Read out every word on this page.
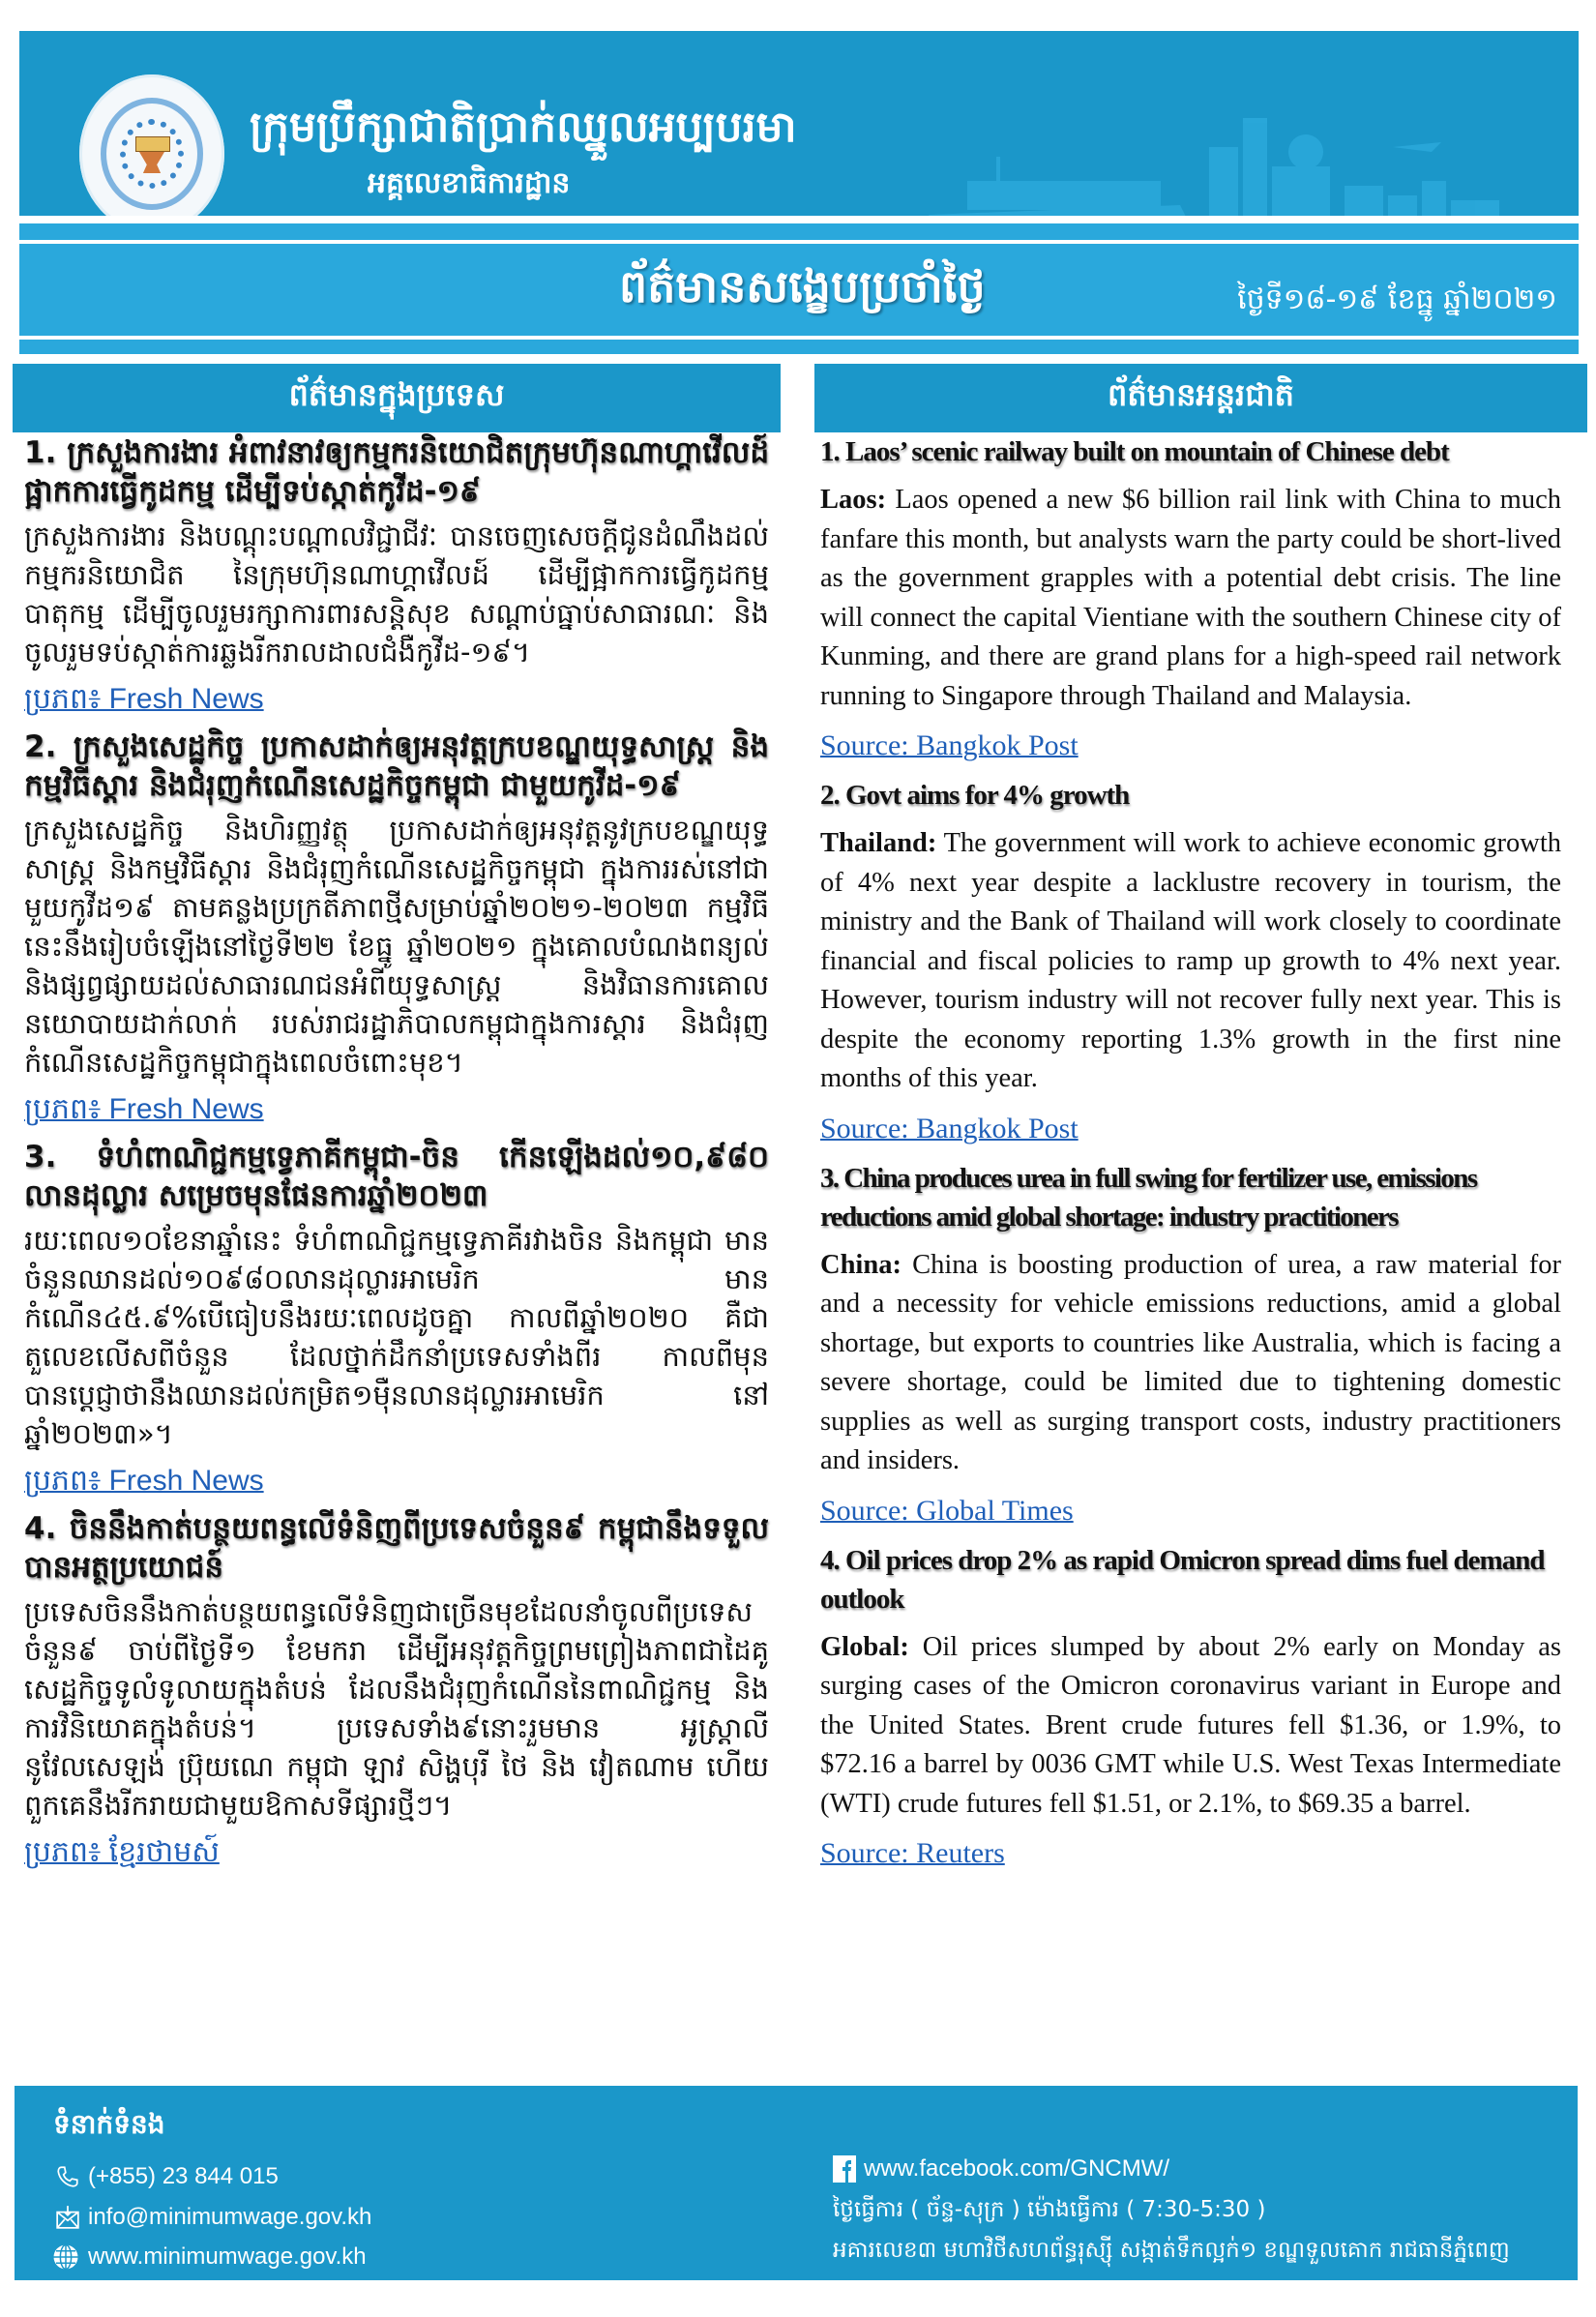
ក្រុមប្រឹក្សាជាតិប្រាក់ឈ្នួលអប្បបរមា
អគ្គលេខាធិការដ្ឋាន
ព័ត៌មានសង្ខេបប្រចាំថ្ងៃ	ថ្ងៃទី១៨-១៩ ខែធ្នូ ឆ្នាំ២០២១
ព័ត៌មានក្នុងប្រទេស	ព័ត៌មានអន្តរជាតិ
1. ក្រសួងការងារ អំពាវនាវឲ្យកម្មករនិយោជិតក្រុមហ៊ុនណាហ្គាវើលដ៍ ផ្អាកការធ្វើកូដកម្ម ដើម្បីទប់ស្កាត់កូវីដ-១៩

ក្រសួងការងារ និងបណ្តុះបណ្តាលវិជ្ជាជីវៈ បានចេញសេចក្តីជូនដំណឹងដល់កម្មករនិយោជិត នៃក្រុមហ៊ុនណាហ្គាវើលដ៍ ដើម្បីផ្អាកការធ្វើកូដកម្ម បាតុកម្ម ដើម្បីចូលរួមរក្សាការពារសន្តិសុខ សណ្តាប់ធ្នាប់សាធារណៈ និងចូលរួមទប់ស្កាត់ការឆ្លងរីករាលដាលជំងឺកូវីដ-១៩។

ប្រភព៖ Fresh News
2. ក្រសួងសេដ្ឋកិច្ច ប្រកាសដាក់ឲ្យអនុវត្តក្របខណ្ឌយុទ្ធសាស្ត្រ និងកម្មវិធីស្តារ និងជំរុញកំណើនសេដ្ឋកិច្ចកម្ពុជា ជាមួយកូវីដ-១៩

ក្រសួងសេដ្ឋកិច្ច និងហិរញ្ញវត្ថុ ប្រកាសដាក់ឲ្យអនុវត្តនូវក្របខណ្ឌយុទ្ធសាស្ត្រ និងកម្មវិធីស្តារ និងជំរុញកំណើនសេដ្ឋកិច្ចកម្ពុជា ក្នុងការរស់នៅជាមួយកូវីដ១៩ តាមគន្លងប្រក្រតីភាពថ្មីសម្រាប់ឆ្នាំ២០២១-២០២៣ កម្មវិធីនេះនឹងរៀបចំឡើងនៅថ្ងៃទី២២ ខែធ្នូ ឆ្នាំ២០២១ ក្នុងគោលបំណងពន្យល់ និងផ្សព្វផ្សាយដល់សាធារណជនអំពីយុទ្ធសាស្ត្រ និងវិធានការគោលនយោបាយដាក់លាក់ របស់រាជរដ្ឋាភិបាលកម្ពុជាក្នុងការស្តារ និងជំរុញកំណើនសេដ្ឋកិច្ចកម្ពុជាក្នុងពេលចំពោះមុខ។

ប្រភព៖ Fresh News
3. ទំហំពាណិជ្ជកម្មទ្វេភាគីកម្ពុជា-ចិន កើនឡើងដល់១០,៩៨០ លានដុល្លារ សម្រេចមុនផែនការឆ្នាំ២០២៣

រយៈពេល១០ខែនាឆ្នាំនេះ ទំហំពាណិជ្ជកម្មទ្វេភាគីរវាងចិន និងកម្ពុជា មានចំនួនឈានដល់១០៩៨០លានដុល្លារអាមេរិក មានកំណើន៤៥.៩%បើធៀបនឹងរយៈពេលដូចគ្នា កាលពីឆ្នាំ២០២០ គឺជាតួលេខលើសពីចំនួន ដែលថ្នាក់ដឹកនាំប្រទេសទាំងពីរ កាលពីមុនបានប្តេជ្ញាថានឹងឈានដល់កម្រិត១ម៉ឺនលានដុល្លារអាមេរិក នៅឆ្នាំ២០២៣»។

ប្រភព៖ Fresh News
4. ចិននឹងកាត់បន្ថយពន្ធលើទំនិញពីប្រទេសចំនួន៩ កម្ពុជានឹងទទួលបានអត្ថប្រយោជន៍

ប្រទេសចិននឹងកាត់បន្ថយពន្ធលើទំនិញជាច្រើនមុខដែលនាំចូលពីប្រទេសចំនួន៩ ចាប់ពីថ្ងៃទី១ ខែមករា ដើម្បីអនុវត្តកិច្ចព្រមព្រៀងភាពជាដៃគូសេដ្ឋកិច្ចទូលំទូលាយក្នុងតំបន់ ដែលនឹងជំរុញកំណើននៃពាណិជ្ជកម្ម និងការវិនិយោគក្នុងតំបន់។ ប្រទេសទាំង៩នោះរួមមាន អូស្ត្រាលី នូវែលសេឡង់ ប៊្រុយណេ កម្ពុជា ឡាវ សិង្ហបុរី ថៃ និង វៀតណាម ហើយពួកគេនឹងរីករាយជាមួយឱកាសទីផ្សារថ្មីៗ។

ប្រភព៖ ខ្មែរថាមស៍
1. Laos’ scenic railway built on mountain of Chinese debt

Laos: Laos opened a new $6 billion rail link with China to much fanfare this month, but analysts warn the party could be short-lived as the government grapples with a potential debt crisis. The line will connect the capital Vientiane with the southern Chinese city of Kunming, and there are grand plans for a high-speed rail network running to Singapore through Thailand and Malaysia.

Source: Bangkok Post
2. Govt aims for 4% growth

Thailand: The government will work to achieve economic growth of 4% next year despite a lacklustre recovery in tourism, the ministry and the Bank of Thailand will work closely to coordinate financial and fiscal policies to ramp up growth to 4% next year. However, tourism industry will not recover fully next year. This is despite the economy reporting 1.3% growth in the first nine months of this year.

Source: Bangkok Post
3. China produces urea in full swing for fertilizer use, emissions reductions amid global shortage: industry practitioners

China: China is boosting production of urea, a raw material for and a necessity for vehicle emissions reductions, amid a global shortage, but exports to countries like Australia, which is facing a severe shortage, could be limited due to tightening domestic supplies as well as surging transport costs, industry practitioners and insiders.

Source: Global Times
4. Oil prices drop 2% as rapid Omicron spread dims fuel demand outlook

Global: Oil prices slumped by about 2% early on Monday as surging cases of the Omicron coronavirus variant in Europe and the United States. Brent crude futures fell $1.36, or 1.9%, to $72.16 a barrel by 0036 GMT while U.S. West Texas Intermediate (WTI) crude futures fell $1.51, or 2.1%, to $69.35 a barrel.

Source: Reuters
ទំនាក់ទំនង
(+855) 23 844 015
info@minimumwage.gov.kh
www.minimumwage.gov.kh
www.facebook.com/GNCMW/
ថ្ងៃធ្វើការ ( ច័ន្ទ-សុក្រ ) ម៉ោងធ្វើការ ( 7:30-5:30 )
អគារលេខ៣ មហាវិថីសហព័ន្ធរុស្ស៊ី សង្កាត់ទឹកល្អក់១ ខណ្ឌទួលគោក រាជធានីភ្នំពេញ
